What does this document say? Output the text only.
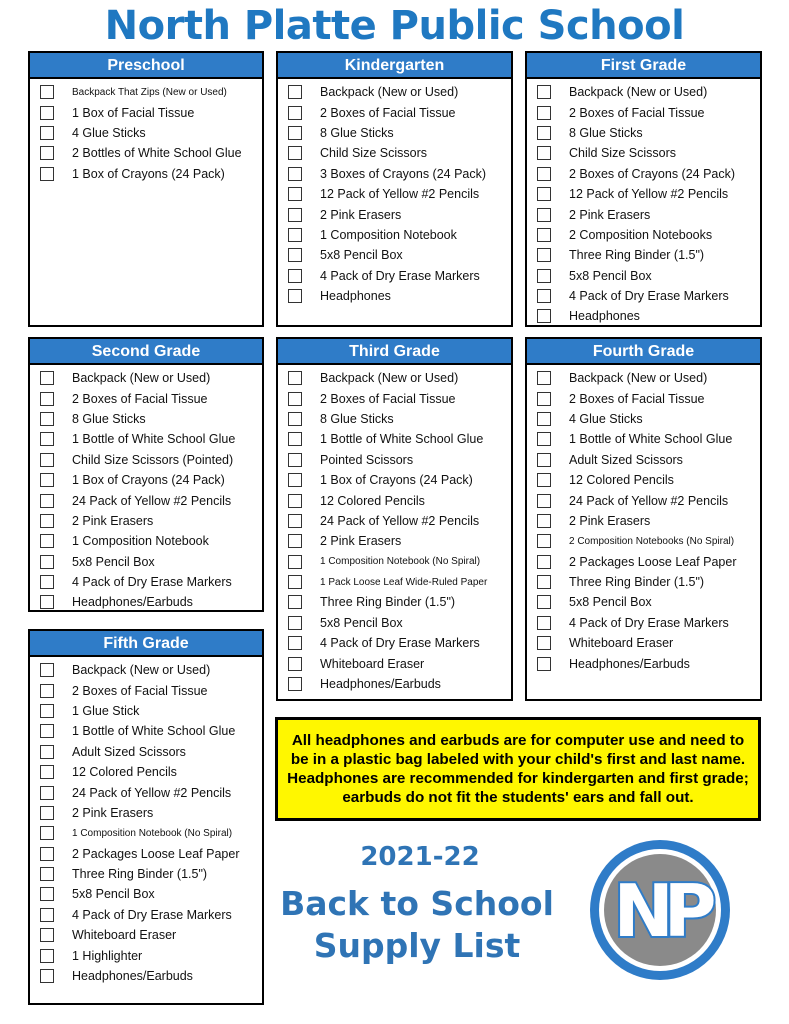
North Platte Public School
Preschool
Backpack That Zips (New or Used)
1 Box of Facial Tissue
4 Glue Sticks
2 Bottles of White School Glue
1 Box of Crayons (24 Pack)
Kindergarten
Backpack (New or Used)
2 Boxes of Facial Tissue
8 Glue Sticks
Child Size Scissors
3 Boxes of Crayons (24 Pack)
12 Pack of Yellow #2 Pencils
2 Pink Erasers
1 Composition Notebook
5x8 Pencil Box
4 Pack of Dry Erase Markers
Headphones
First Grade
Backpack (New or Used)
2 Boxes of Facial Tissue
8 Glue Sticks
Child Size Scissors
2 Boxes of Crayons (24 Pack)
12 Pack of Yellow #2 Pencils
2 Pink Erasers
2 Composition Notebooks
Three Ring Binder (1.5")
5x8 Pencil Box
4 Pack of Dry Erase Markers
Headphones
Second Grade
Backpack (New or Used)
2 Boxes of Facial Tissue
8 Glue Sticks
1 Bottle of White School Glue
Child Size Scissors (Pointed)
1 Box of Crayons (24 Pack)
24 Pack of Yellow #2 Pencils
2 Pink Erasers
1 Composition Notebook
5x8 Pencil Box
4 Pack of Dry Erase Markers
Headphones/Earbuds
Third Grade
Backpack (New or Used)
2 Boxes of Facial Tissue
8 Glue Sticks
1 Bottle of White School Glue
Pointed Scissors
1 Box of Crayons (24 Pack)
12 Colored Pencils
24 Pack of Yellow #2 Pencils
2 Pink Erasers
1 Composition Notebook (No Spiral)
1 Pack Loose Leaf Wide-Ruled Paper
Three Ring Binder (1.5")
5x8 Pencil Box
4 Pack of Dry Erase Markers
Whiteboard Eraser
Headphones/Earbuds
Fourth Grade
Backpack (New or Used)
2 Boxes of Facial Tissue
4 Glue Sticks
1 Bottle of White School Glue
Adult Sized Scissors
12 Colored Pencils
24 Pack of Yellow #2 Pencils
2 Pink Erasers
2 Composition Notebooks (No Spiral)
2 Packages Loose Leaf Paper
Three Ring Binder (1.5")
5x8 Pencil Box
4 Pack of Dry Erase Markers
Whiteboard Eraser
Headphones/Earbuds
Fifth Grade
Backpack (New or Used)
2 Boxes of Facial Tissue
1 Glue Stick
1 Bottle of White School Glue
Adult Sized Scissors
12 Colored Pencils
24 Pack of Yellow #2 Pencils
2 Pink Erasers
1 Composition Notebook (No Spiral)
2 Packages Loose Leaf Paper
Three Ring Binder (1.5")
5x8 Pencil Box
4 Pack of Dry Erase Markers
Whiteboard Eraser
1 Highlighter
Headphones/Earbuds
All headphones and earbuds are for computer use and need to be in a plastic bag labeled with your child's first and last name. Headphones are recommended for kindergarten and first grade; earbuds do not fit the students' ears and fall out.
2021-22
Back to School
Supply List	NP
